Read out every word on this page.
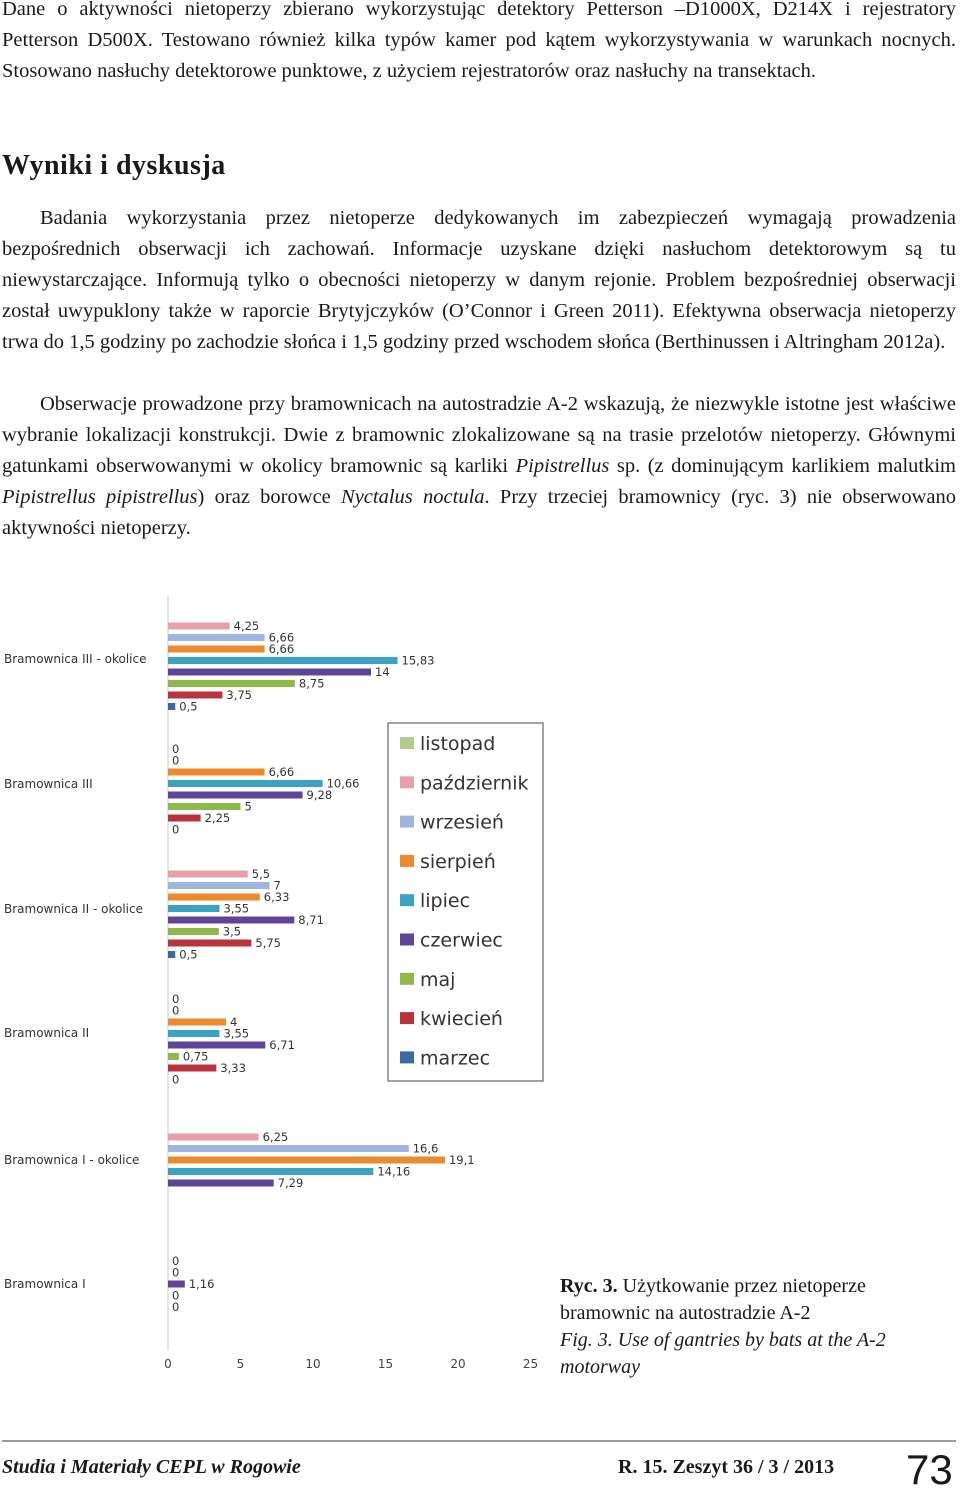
Dane o aktywności nietoperzy zbierano wykorzystując detektory Petterson –D1000X, D214X i rejestratory Petterson D500X. Testowano również kilka typów kamer pod kątem wykorzystywania w warunkach nocnych. Stosowano nasłuchy detektorowe punktowe, z użyciem rejestratorów oraz nasłuchy na transektach.

Wyniki i dyskusja

Badania wykorzystania przez nietoperze dedykowanych im zabezpieczeń wymagają prowadzenia bezpośrednich obserwacji ich zachowań. Informacje uzyskane dzięki nasłuchom detektorowym są tu niewystarczające. Informują tylko o obecności nietoperzy w danym rejonie. Problem bezpośredniej obserwacji został uwypuklony także w raporcie Brytyjczyków (O’Connor i Green 2011). Efektywna obserwacja nietoperzy trwa do 1,5 godziny po zachodzie słońca i 1,5 godziny przed wschodem słońca (Berthinussen i Altringham 2012a).

Obserwacje prowadzone przy bramownicach na autostradzie A-2 wskazują, że niezwykle istotne jest właściwe wybranie lokalizacji konstrukcji. Dwie z bramownic zlokalizowane są na trasie przelotów nietoperzy. Głównymi gatunkami obserwowanymi w okolicy bramownic są karliki Pipistrellus sp. (z dominującym karlikiem malutkim Pipistrellus pipistrellus) oraz borowce Nyctalus noctula. Przy trzeciej bramownicy (ryc. 3) nie obserwowano aktywności nietoperzy.

Bramownica III - okolice
4,25
6,66
6,66
15,83
14
8,75
3,75
0,5
Bramownica III
0
0
6,66
10,66
9,28
5
2,25
0
Bramownica II - okolice
5,5
7
6,33
3,55
8,71
3,5
5,75
0,5
Bramownica II
0
0
4
3,55
6,71
0,75
3,33
0
Bramownica I - okolice
6,25
16,6
19,1
14,16
7,29
Bramownica I
0
0
1,16
0
0
0	5	10	15	20	25
listopad
październik
wrzesień
sierpień
lipiec
czerwiec
maj
kwiecień
marzec
Ryc. 3. Użytkowanie przez nietoperze bramownic na autostradzie A-2
Fig. 3. Use of gantries by bats at the A-2 motorway
Studia i Materiały CEPL w Rogowie	R. 15. Zeszyt 36 / 3 / 2013 73
